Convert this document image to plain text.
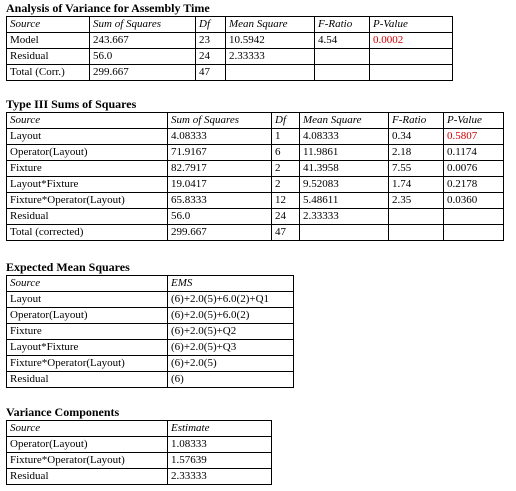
Analysis of Variance for Assembly Time
Source	Sum of Squares	Df	Mean Square	F-Ratio	P-Value
Model	243.667	23	10.5942	4.54	0.0002
Residual	56.0	24	2.33333		
Total (Corr.)	299.667	47			
Type III Sums of Squares
Source	Sum of Squares	Df	Mean Square	F-Ratio	P-Value
Layout	4.08333	1	4.08333	0.34	0.5807
Operator(Layout)	71.9167	6	11.9861	2.18	0.1174
Fixture	82.7917	2	41.3958	7.55	0.0076
Layout*Fixture	19.0417	2	9.52083	1.74	0.2178
Fixture*Operator(Layout)	65.8333	12	5.48611	2.35	0.0360
Residual	56.0	24	2.33333		
Total (corrected)	299.667	47			
Expected Mean Squares
Source	EMS
Layout	(6)+2.0(5)+6.0(2)+Q1
Operator(Layout)	(6)+2.0(5)+6.0(2)
Fixture	(6)+2.0(5)+Q2
Layout*Fixture	(6)+2.0(5)+Q3
Fixture*Operator(Layout)	(6)+2.0(5)
Residual	(6)
Variance Components
Source	Estimate
Operator(Layout)	1.08333
Fixture*Operator(Layout)	1.57639
Residual	2.33333
